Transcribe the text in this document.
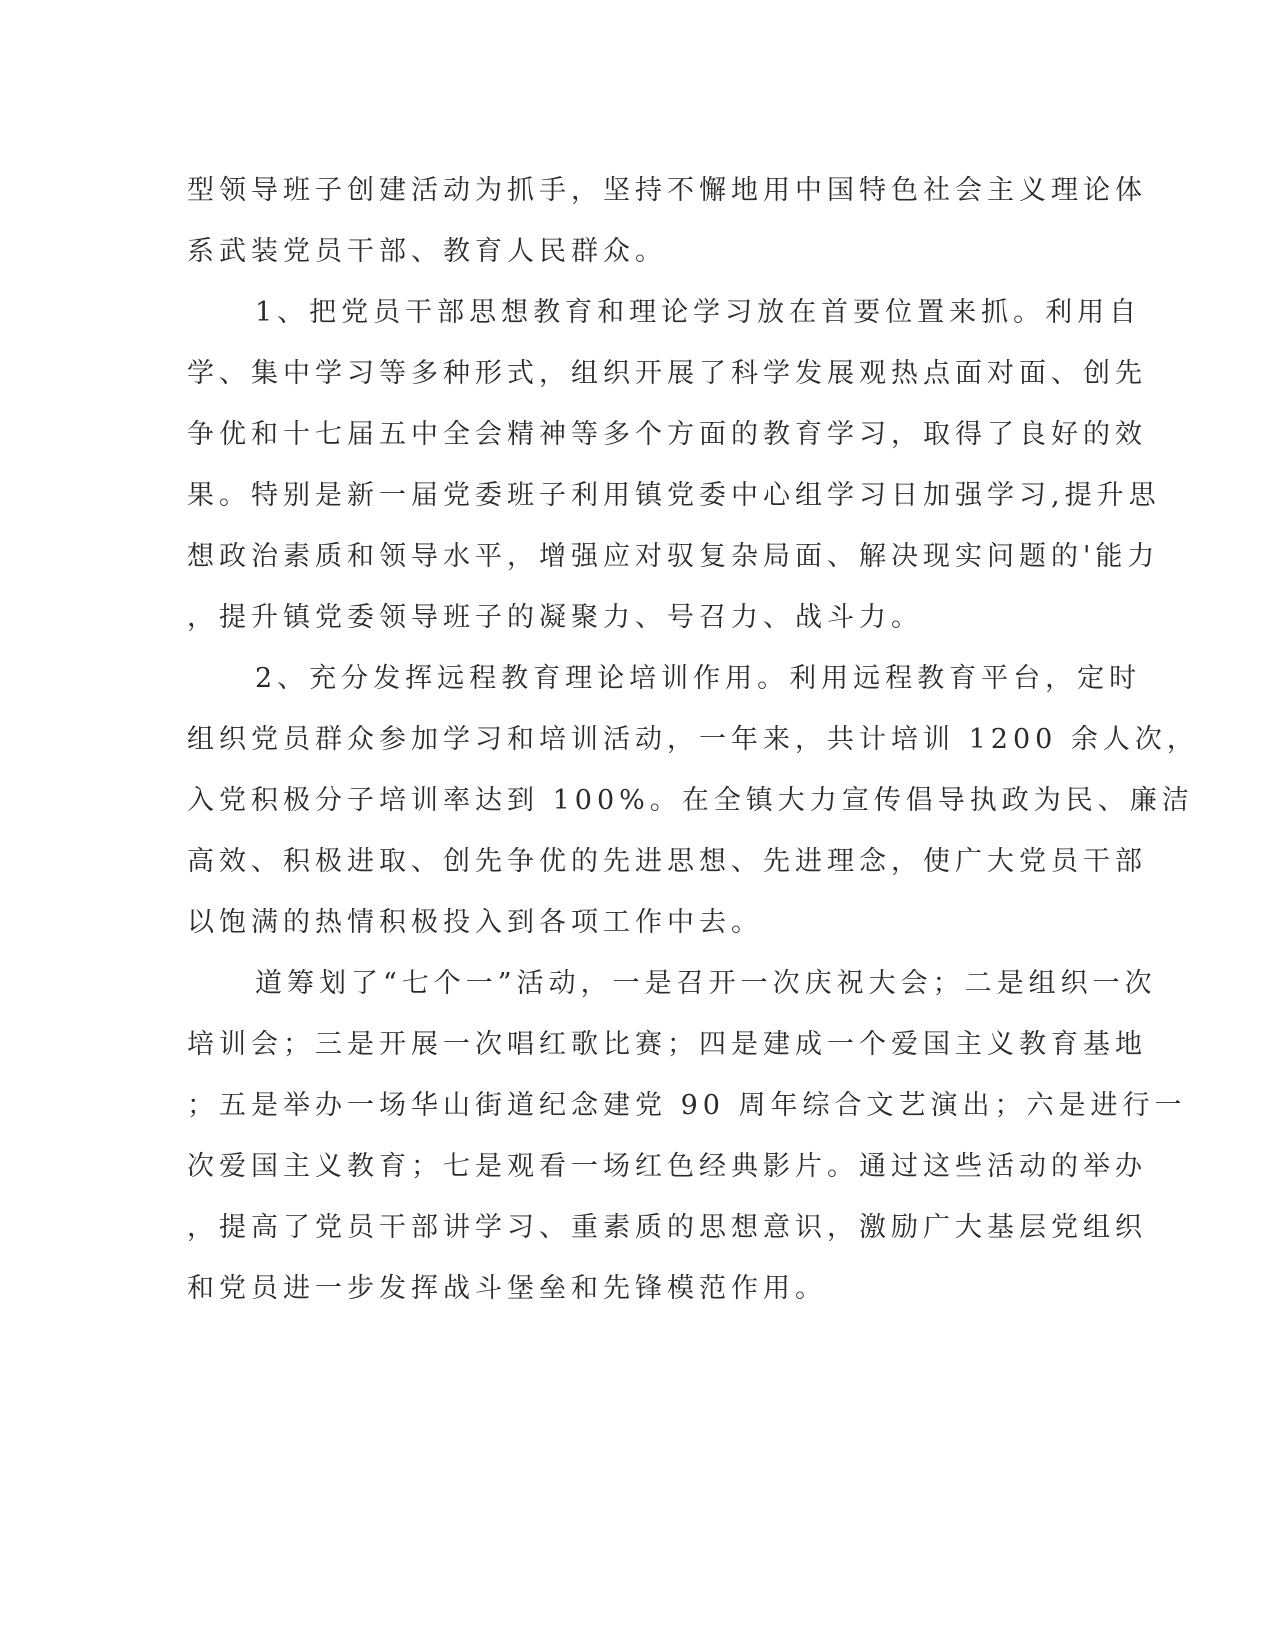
型领导班子创建活动为抓手，坚持不懈地用中国特色社会主义理论体
系武装党员干部、教育人民群众。
1、把党员干部思想教育和理论学习放在首要位置来抓。利用自
学、集中学习等多种形式，组织开展了科学发展观热点面对面、创先
争优和十七届五中全会精神等多个方面的教育学习，取得了良好的效
果。特别是新一届党委班子利用镇党委中心组学习日加强学习,提升思
想政治素质和领导水平，增强应对驭复杂局面、解决现实问题的'能力
，提升镇党委领导班子的凝聚力、号召力、战斗力。
2、充分发挥远程教育理论培训作用。利用远程教育平台，定时
组织党员群众参加学习和培训活动，一年来，共计培训 1200 余人次，
入党积极分子培训率达到 100%。在全镇大力宣传倡导执政为民、廉洁
高效、积极进取、创先争优的先进思想、先进理念，使广大党员干部
以饱满的热情积极投入到各项工作中去。
道筹划了“七个一”活动，一是召开一次庆祝大会；二是组织一次
培训会；三是开展一次唱红歌比赛；四是建成一个爱国主义教育基地
；五是举办一场华山街道纪念建党 90 周年综合文艺演出；六是进行一
次爱国主义教育；七是观看一场红色经典影片。通过这些活动的举办
，提高了党员干部讲学习、重素质的思想意识，激励广大基层党组织
和党员进一步发挥战斗堡垒和先锋模范作用。
